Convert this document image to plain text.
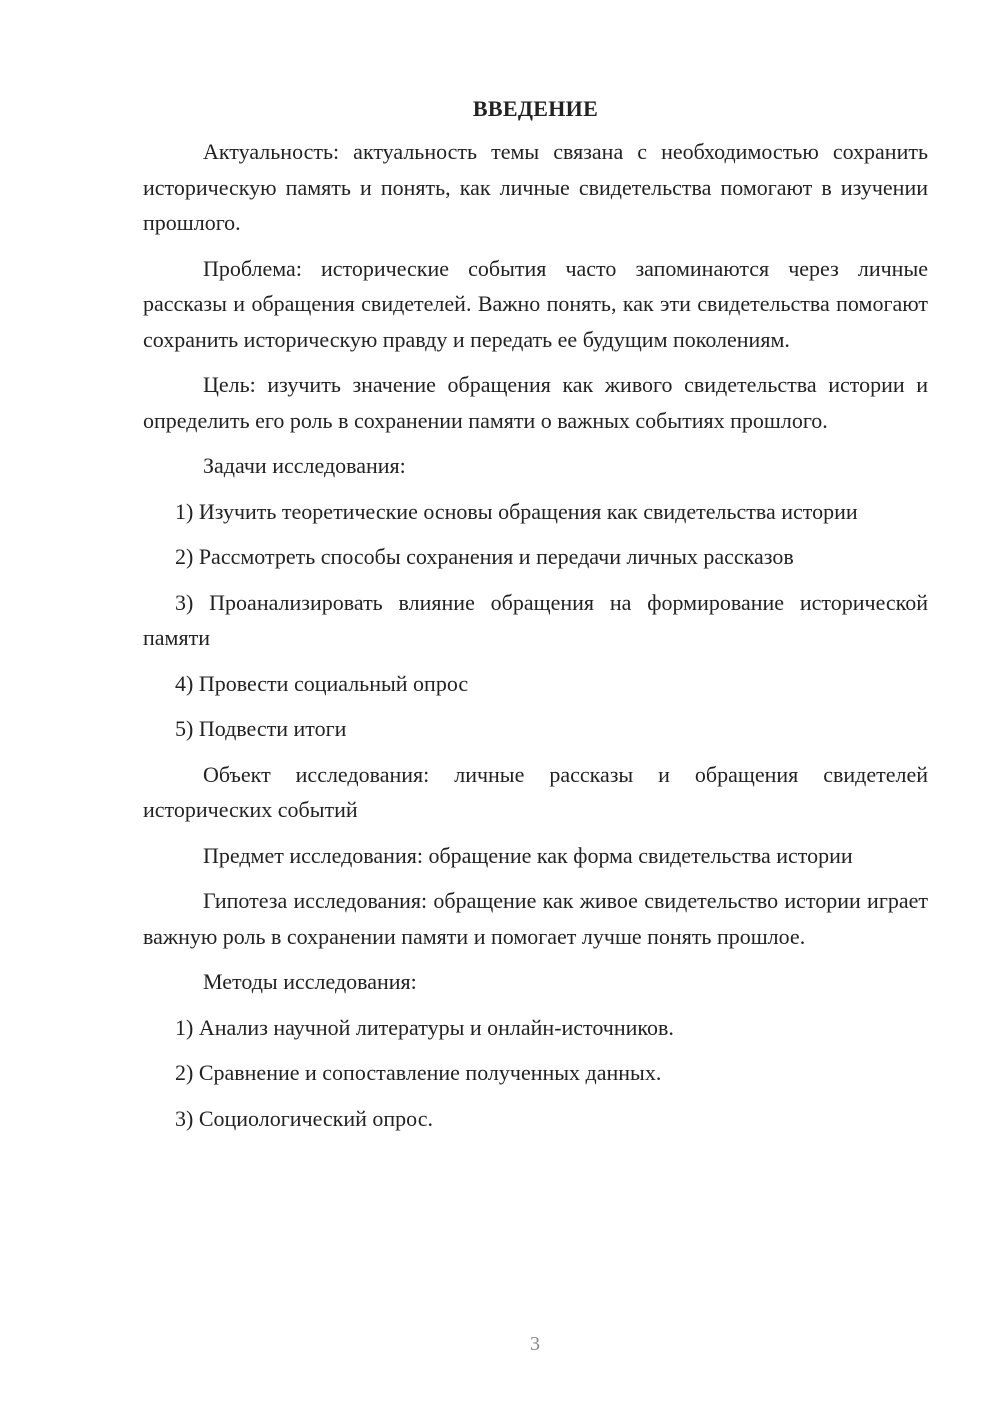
ВВЕДЕНИЕ

Актуальность: актуальность темы связана с необходимостью сохранить историческую память и понять, как личные свидетельства помогают в изучении прошлого.

Проблема: исторические события часто запоминаются через личные рассказы и обращения свидетелей. Важно понять, как эти свидетельства помогают сохранить историческую правду и передать ее будущим поколениям.

Цель: изучить значение обращения как живого свидетельства истории и определить его роль в сохранении памяти о важных событиях прошлого.

Задачи исследования:

1) Изучить теоретические основы обращения как свидетельства истории

2) Рассмотреть способы сохранения и передачи личных рассказов

3) Проанализировать влияние обращения на формирование исторической памяти

4) Провести социальный опрос

5) Подвести итоги

Объект исследования: личные рассказы и обращения свидетелей исторических событий

Предмет исследования: обращение как форма свидетельства истории

Гипотеза исследования: обращение как живое свидетельство истории играет важную роль в сохранении памяти и помогает лучше понять прошлое.

Методы исследования:

1) Анализ научной литературы и онлайн-источников.

2) Сравнение и сопоставление полученных данных.

3) Социологический опрос.

3
